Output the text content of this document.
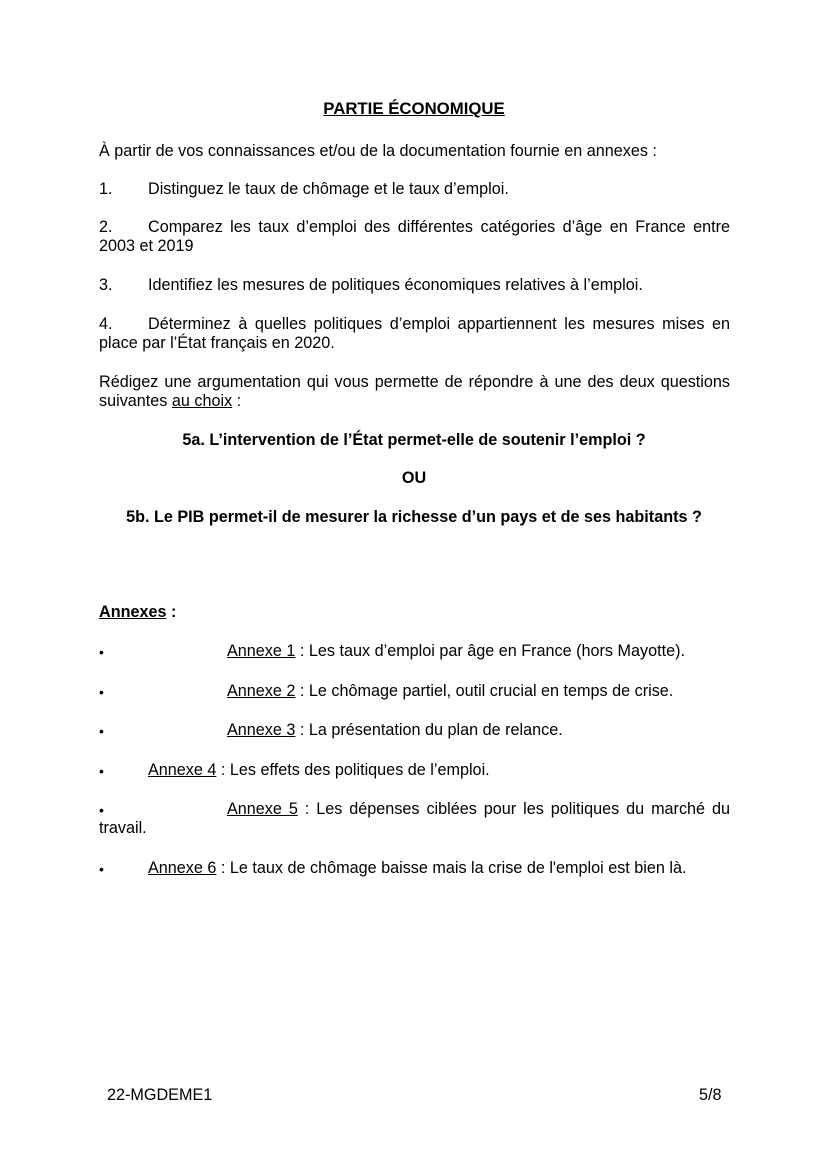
PARTIE ÉCONOMIQUE
À partir de vos connaissances et/ou de la documentation fournie en annexes :
1. Distinguez le taux de chômage et le taux d’emploi.
2. Comparez les taux d’emploi des différentes catégories d’âge en France entre
2003 et 2019
3. Identifiez les mesures de politiques économiques relatives à l’emploi.
4. Déterminez à quelles politiques d’emploi appartiennent les mesures mises en
place par l’État français en 2020.
Rédigez une argumentation qui vous permette de répondre à une des deux questions
suivantes au choix :
5a. L’intervention de l’État permet-elle de soutenir l’emploi ?
OU
5b. Le PIB permet-il de mesurer la richesse d’un pays et de ses habitants ?
Annexes :
•	Annexe 1 : Les taux d’emploi par âge en France (hors Mayotte).
•	Annexe 2 : Le chômage partiel, outil crucial en temps de crise.
•	Annexe 3 : La présentation du plan de relance.
•	Annexe 4 : Les effets des politiques de l’emploi.
•	Annexe 5 : Les dépenses ciblées pour les politiques du marché du
travail.
•	Annexe 6 : Le taux de chômage baisse mais la crise de l'emploi est bien là.
22-MGDEME1	5/8
